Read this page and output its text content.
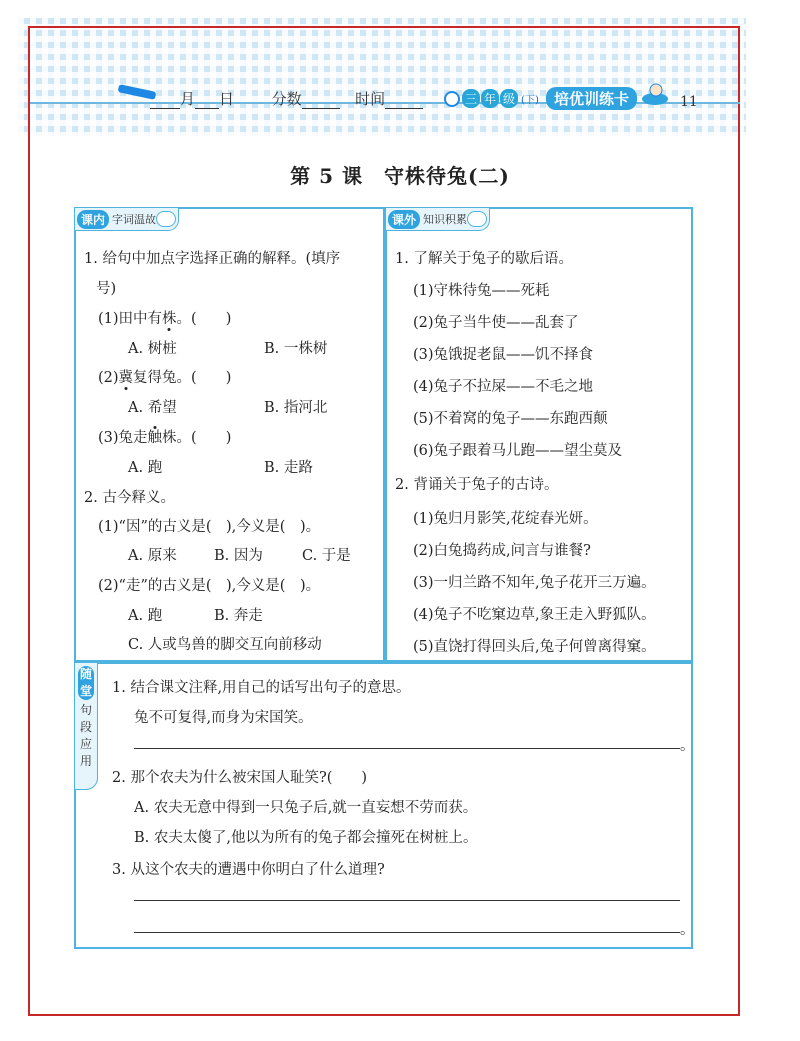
月 日	分数	时间	三 年 级 (下)	培优训练卡	11
第 5 课　守株待兔(二)
课内 字词温故
1. 给句中加点字选择正确的解释。(填序
号)
(1)田中有株。(　　)
A. 树桩	B. 一株树
(2)冀复得兔。(　　)
A. 希望	B. 指河北
(3)兔走触株。(　　)
A. 跑	B. 走路
2. 古今释义。
(1)“因”的古义是(　),今义是(　)。
A. 原来	B. 因为	C. 于是
(2)“走”的古义是(　),今义是(　)。
A. 跑	B. 奔走
C. 人或鸟兽的脚交互向前移动
课外 知识积累
1. 了解关于兔子的歇后语。
(1)守株待兔——死耗
(2)兔子当牛使——乱套了
(3)兔饿捉老鼠——饥不择食
(4)兔子不拉屎——不毛之地
(5)不着窝的兔子——东跑西颠
(6)兔子跟着马儿跑——望尘莫及
2. 背诵关于兔子的古诗。
(1)兔归月影笑,花绽春光妍。
(2)白兔捣药成,问言与谁餐?
(3)一归兰路不知年,兔子花开三万遍。
(4)兔子不吃窠边草,象王走入野狐队。
(5)直饶打得回头后,兔子何曾离得窠。
随堂
句
段
应
用
1. 结合课文注释,用自己的话写出句子的意思。
兔不可复得,而身为宋国笑。
。
2. 那个农夫为什么被宋国人耻笑?(　　)
A. 农夫无意中得到一只兔子后,就一直妄想不劳而获。
B. 农夫太傻了,他以为所有的兔子都会撞死在树桩上。
3. 从这个农夫的遭遇中你明白了什么道理?
。
